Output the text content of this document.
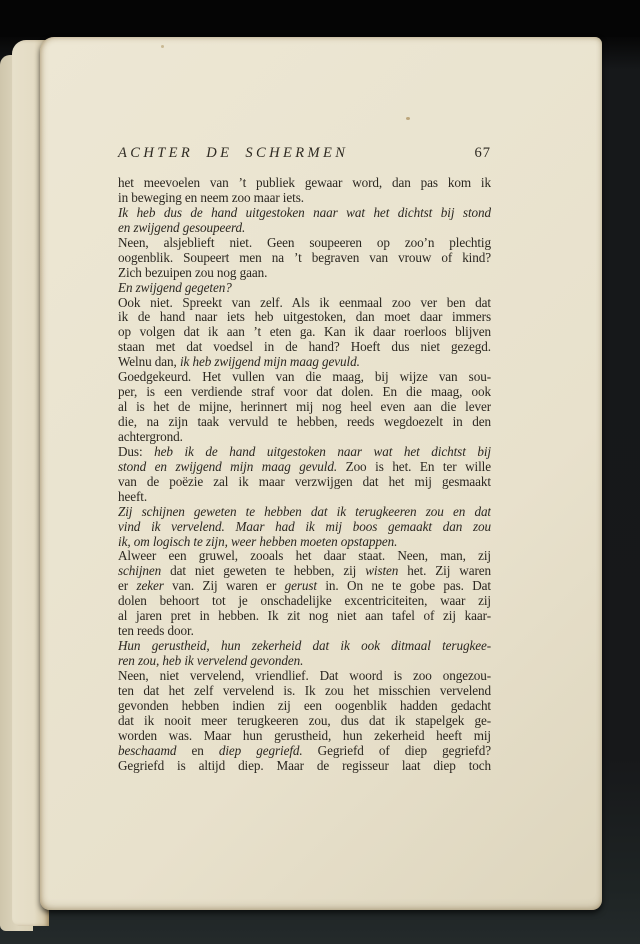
ACHTER DE SCHERMEN	67
het meevoelen van ’t publiek gewaar word, dan pas kom ik
in beweging en neem zoo maar iets.
Ik heb dus de hand uitgestoken naar wat het dichtst bij stond
en zwijgend gesoupeerd.
Neen, alsjeblieft niet. Geen soupeeren op zoo’n plechtig
oogenblik. Soupeert men na ’t begraven van vrouw of kind?
Zich bezuipen zou nog gaan.
En zwijgend gegeten?
Ook niet. Spreekt van zelf. Als ik eenmaal zoo ver ben dat
ik de hand naar iets heb uitgestoken, dan moet daar immers
op volgen dat ik aan ’t eten ga. Kan ik daar roerloos blijven
staan met dat voedsel in de hand? Hoeft dus niet gezegd.
Welnu dan, ik heb zwijgend mijn maag gevuld.
Goedgekeurd. Het vullen van die maag, bij wijze van sou-
per, is een verdiende straf voor dat dolen. En die maag, ook
al is het de mijne, herinnert mij nog heel even aan die lever
die, na zijn taak vervuld te hebben, reeds wegdoezelt in den
achtergrond.
Dus: heb ik de hand uitgestoken naar wat het dichtst bij
stond en zwijgend mijn maag gevuld. Zoo is het. En ter wille
van de poëzie zal ik maar verzwijgen dat het mij gesmaakt
heeft.
Zij schijnen geweten te hebben dat ik terugkeeren zou en dat
vind ik vervelend. Maar had ik mij boos gemaakt dan zou
ik, om logisch te zijn, weer hebben moeten opstappen.
Alweer een gruwel, zooals het daar staat. Neen, man, zij
schijnen dat niet geweten te hebben, zij wisten het. Zij waren
er zeker van. Zij waren er gerust in. On ne te gobe pas. Dat
dolen behoort tot je onschadelijke excentriciteiten, waar zij
al jaren pret in hebben. Ik zit nog niet aan tafel of zij kaar-
ten reeds door.
Hun gerustheid, hun zekerheid dat ik ook ditmaal terugkee-
ren zou, heb ik vervelend gevonden.
Neen, niet vervelend, vriendlief. Dat woord is zoo ongezou-
ten dat het zelf vervelend is. Ik zou het misschien vervelend
gevonden hebben indien zij een oogenblik hadden gedacht
dat ik nooit meer terugkeeren zou, dus dat ik stapelgek ge-
worden was. Maar hun gerustheid, hun zekerheid heeft mij
beschaamd en diep gegriefd. Gegriefd of diep gegriefd?
Gegriefd is altijd diep. Maar de regisseur laat diep toch
